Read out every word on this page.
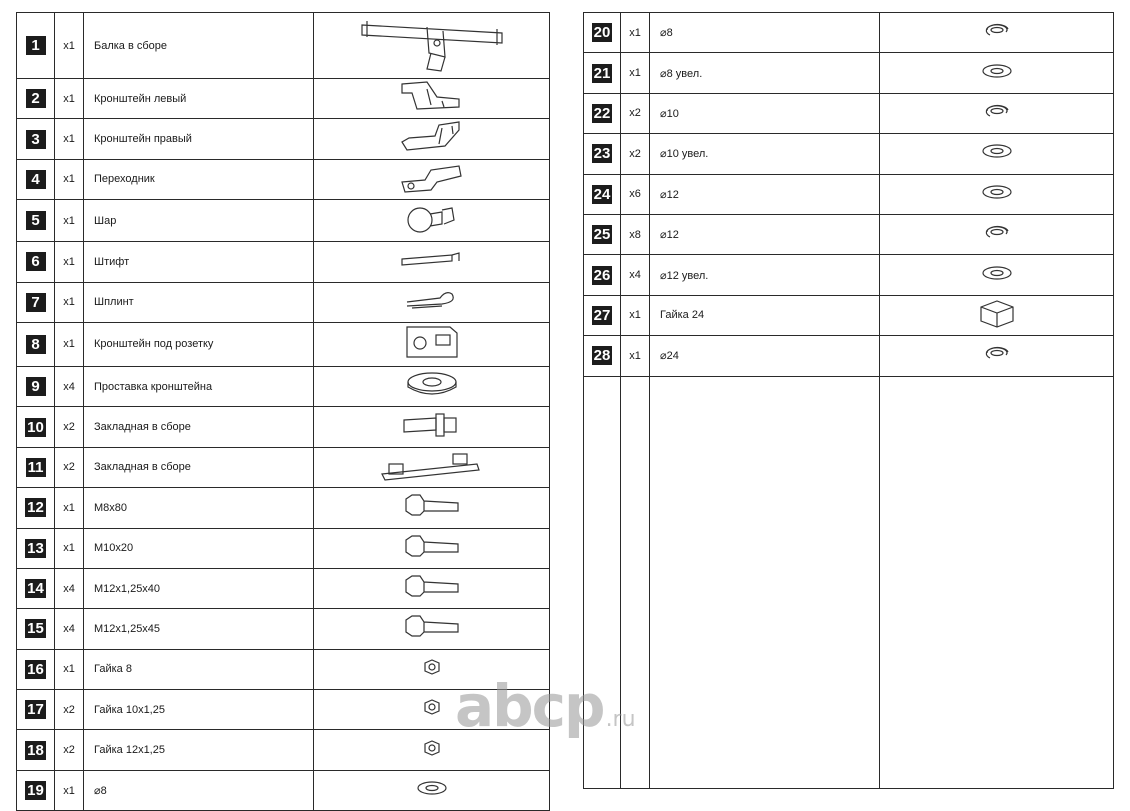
1	x1	Балка в сборе	

2	x1	Кронштейн левый	

3	x1	Кронштейн правый	

4	x1	Переходник	

5	x1	Шар	

6	x1	Штифт	

7	x1	Шплинт	

8	x1	Кронштейн под розетку	

9	x4	Проставка кронштейна	

10	x2	Закладная в сборе	

11	x2	Закладная в сборе	

12	x1	M8x80	

13	x1	M10x20	

14	x4	M12x1,25x40	

15	x4	M12x1,25x45	

16	x1	Гайка 8	

17	x2	Гайка 10x1,25	

18	x2	Гайка 12x1,25	

19	x1	⌀8	
20	x1	⌀8	

21	x1	⌀8 увел.	

22	x2	⌀10	

23	x2	⌀10 увел.	

24	x6	⌀12	

25	x8	⌀12	

26	x4	⌀12 увел.	

27	x1	Гайка 24	

28	x1	⌀24	

abcp.ru
